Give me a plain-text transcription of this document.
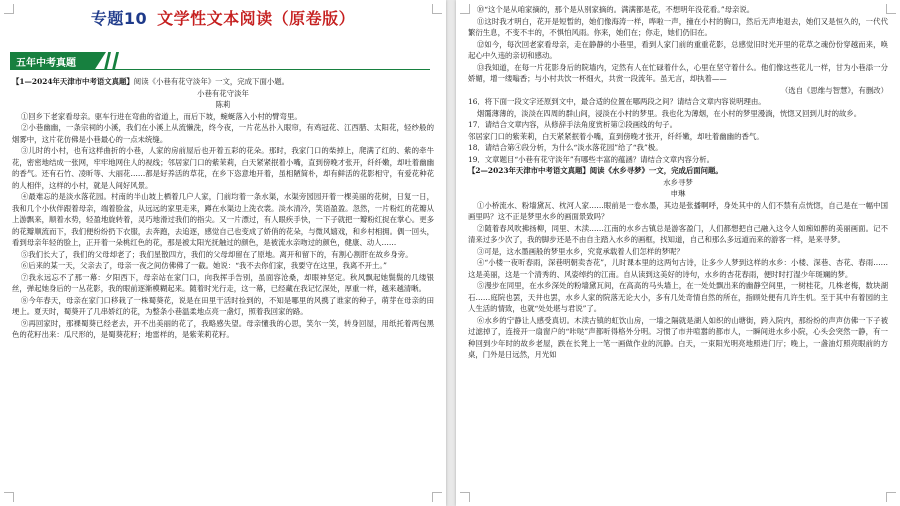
专题10 文学性文本阅读（原卷版）
五年中考真题

【1—2024年天津市中考语文真题】阅读《小巷有花守淡年》一文，完成下面小题。

小巷有花守淡年

陈莉

①回乡下老家看母亲。驱车行进在弯曲的省道上，而后下坡，蜿蜒落入小村的臂弯里。

②小巷幽幽，一条宗祠的小溪，我们在小溪上从流懒洗，终今夜，一片花丛扑入眼帘，有鸡冠花、江西腊、太阳花，轻纱般的烟雾中，这片花仿佛是小巷最心的一点未统缝。

③儿时的小村，也有这样曲折的小巷，人家的房前屋后也开着五彩的花朵。那时，我家门口的柴掉上，爬满了红的、紫的牵牛花，密密地结成一张网，牢牢地网住人的视线；邻居家门口的紫茉莉，白天紧紧抿着小嘴，直到傍晚才张开，纤纤嫩，却吐着幽幽的香气。还有石竹、凌昕等、大丽花……都是好养活的草花，在乡下恣意地开着，虽相陋简朴，却有鲜活的花影相守，有爱花种花的人相伴，这样的小村，就是人间好风景。

④最难忘的是淡水落花园。村南的半山坡上栖着几户人家，门前均着一条水渠，水渠旁园园开着一棵美丽的花树，日复一日，我和几个小伙伴跟着母亲，端着脸盆，从远远的家里走来，蹲在水渠边上洗衣裳。淡水清冷，笑语盈盈。忽然，一片粉红的花瓣从上游飘来，顺着水势，轻盈地旋转着，灵巧地滑过我们的指尖。又一片漂过，有人眼疾手快，一下子就把一瓣粉红捉在掌心。更多的花瓣顺流而下，我们便纷纷扔下衣服，去奔跑，去追逐，感觉自己也变成了娇俏的花朵，与微风嬉戏，和乡村相拥。偶一回头，看到母亲年轻的脸上，正开着一朵桃红色的花，那是被太阳光抚触过的颜色，是被流水亲吻过的颜色，健康、动人……

⑤我们长大了，我们的父母却老了；我们星散四方，我们的父母却留在了原地。离开和留下的，有割心割肝在故乡身旁。

⑥后来的某一天，父亲去了，母亲一夜之间仿佛佛了一截。她说：“我不去你们家，我要守在这里，我离不开土。”

⑦我永远忘不了那一幕：夕阳西下，母亲站在家门口，向我挥手告别，虽面容沧桑，却眼神坚定。秋风飘起她鬓鬓的几缕银丝，弹起她身后的一丛花影，我的眼前逐渐模糊起来。随着时光行走，这一幕，已经藏在我记忆深处，厚重一样，越来越清晰。

⑧今年春天，母亲在家门口移栽了一株蜀葵花，说是在田里干活时捡到的，不知是哪里的风携了谁家的种子，萌芽在母亲的田埂上。夏天时，蜀葵开了几串娇红的花，为整条小巷温柔地点亮一盏灯，照着我回家的路。

⑨再回家时，那裸蜀葵已经老去，开不出美丽的花了，我略感失望。母亲懂我的心思，笑尔一笑，转身回屋，用纸托着两包黑色的花籽出来：瓜尺形的，是蜀葵花籽；地雷样的，是紫茉莉花籽。

⑩“这个是从咱家摘的，那个是从别家摘的。满满都是花，不想明年没花看。”母亲说。

⑪这时我才明白，花开是短暂的，她们像海涛一样，哗啦一声，撞在小村的胸口，然后无声地退去，她们又是恒久的，一代代繁衍生息，不变不丰的，不惧怕风雨。你来，她们在；你走，她们仍旧在。

⑫如今，每次回老家看母亲，走在静静的小巷里，看到人家门前的重重花影，总感觉旧时光开里的花草之魂份份穿越而来，唤起心中久违的亲切和感动。

⑬我知道，在每一片花影身后的院墙内，定然有人在忙碌着什么，心里在坚守着什么。他们像这些花儿一样，甘为小巷添一分娇媚，增一缕嗡香；与小村共饮一杯细火，共赏一段流年。虽无言，却执着——

（选自《思维与智慧》，有删改）

16．将下面一段文字还原到文中，最合适的位置在哪两段之间？请结合文章内容说明理由。

烟霭薄薄的，淡淡在四周的群山间，浸淡在小村的梦里。我也化为薄烟，在小村的梦里漫淌，恍惚又回到儿时的故乡。

17．请结合文章内容，从修辞手法角度赏析第②段画线的句子。

邻居家门口的紫茉莉，白天紧紧抿着小嘴，直到傍晚才张开，纤纤嫩，却吐着幽幽的香气。

18．请结合第④段分析，为什么“淡水落花园”给了“我”极。

19．文章题目“小巷有花守淡年”有哪些丰富的蕴涵？请结合文章内容分析。

【2—2023年天津市中考语文真题】阅读《水乡寻梦》一文，完成后面问题。

水乡寻梦

申琳

①小桥流水、粉墙黛瓦、枕河人家……眼前是一卷水墨，其边是张播啊呼，身处其中的人们不禁有点恍惚，自己是在一幅中国画里吗？这不正是梦里水乡的画面景致吗？

②随着春风吹拂扬柳，同里、木渎……江南的水乡古镇总是游客盈门，人们都想把自己融入这令人如痴如醉的美丽画面。记不清来过多少次了，我的脚步还是不由自主踏入水乡的画框，找知道，自己和那么多远道而来的游客一样，是来寻梦。

③可是，这水墨画般的梦里水乡，究竟承载着人们怎样的梦呢？

④“小楼一夜听春雨，深巷明朝卖杏花”，儿时课本里的这两句古诗，让多少人梦到这样的水乡：小楼、深巷、杏花、春雨……这是美丽，这是一个清秀的、风姿绰约的江南。自从读到这美好的诗句，水乡的杏花春雨，便时时打湿少年斑斓的梦。

⑤漫步在同里，在水乡深处的粉墙黛瓦间，在高高的马头墙上，在一处处飘出来的幽静空间里，一树桂花，几株老梅，数块湖石……庭院也罢，天井也罢，水乡人家的院落无论大小，多有几处奇情自然的所在，指顾处便有几许生机。至于其中有着园的主人生活的情致，也就“处处堪与君说”了。

⑥水乡的宁静让人感受真切。木渎古镇的虹饮山房，一墙之隔就是湖人如织的山塘街，跨入院内，那纷纷的声声仿佛一下子被过滤掉了，连接开一扇窗户的“咔哒”声都听得格外分明。习惯了市井喧嚣的都市人，一瞬间进水乡小院，心头会突然一静，有一种回到少年时的故乡老屋，跌在长凳上一笔一画做作业的沉静。白天，一束阳光明亮地照进门厅；晚上，一盏油灯照亮眼前的方桌，门外是日远然，月光如
